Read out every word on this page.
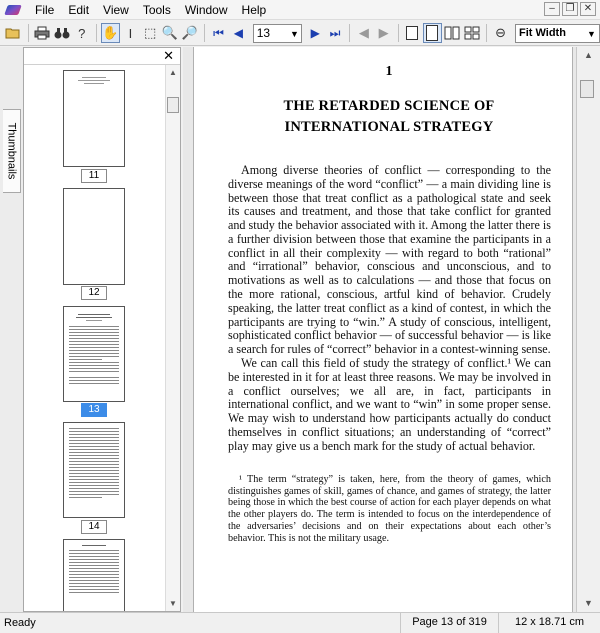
File	Edit	View	Tools	Window	Help	–	❐ ✕
?	✋ I ⬚ 🔍 🔎	⏮ ◀	13 ▼ ▶ ⏭	◀ ▶	⊖	Fit Width ▼
Thumbnails
✕
11
12
13
14
▲
▼
1
THE RETARDED SCIENCE OF
INTERNATIONAL STRATEGY

Among diverse theories of conflict — corresponding to the diverse meanings of the word “conflict” — a main dividing line is between those that treat conflict as a pathological state and seek its causes and treatment, and those that take conflict for granted and study the behavior associated with it. Among the latter there is a further division between those that examine the participants in a conflict in all their complexity — with regard to both “rational” and “irrational” behavior, conscious and unconscious, and to motivations as well as to calculations — and those that focus on the more rational, conscious, artful kind of behavior. Crudely speaking, the latter treat conflict as a kind of contest, in which the participants are trying to “win.” A study of conscious, intelligent, sophisticated conflict behavior — of successful behavior — is like a search for rules of “correct” behavior in a contest-winning sense.

We can call this field of study the strategy of conflict.¹ We can be interested in it for at least three reasons. We may be involved in a conflict ourselves; we all are, in fact, participants in international conflict, and we want to “win” in some proper sense. We may wish to understand how participants actually do conduct themselves in conflict situations; an understanding of “correct” play may give us a bench mark for the study of actual behavior.

¹ The term “strategy” is taken, here, from the theory of games, which distinguishes games of skill, games of chance, and games of strategy, the latter being those in which the best course of action for each player depends on what the other players do. The term is intended to focus on the interdependence of the adversaries’ decisions and on their expectations about each other’s behavior. This is not the military usage.

▲
▼
Ready	Page 13 of 319	12 x 18.71 cm
